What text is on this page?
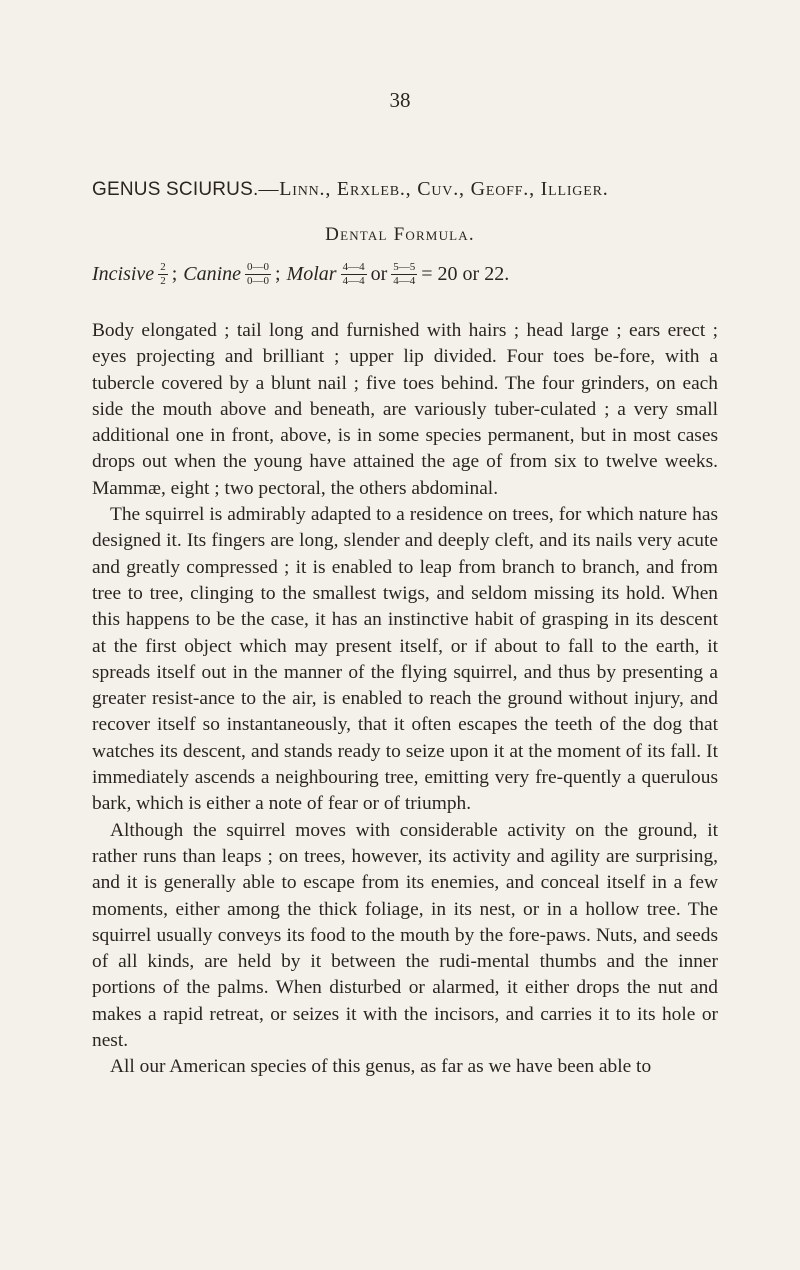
38
GENUS SCIURUS.—Linn., Erxleb., Cuv., Geoff., Illiger.
Dental Formula.
Incisive $\frac{2}{2}$ ; Canine $\frac{0—0}{0—0}$ ; Molar $\frac{4—4}{4—4}$ or $\frac{5—5}{4—4} = 20$ or 22.

Body elongated ; tail long and furnished with hairs ; head large ; ears erect ; eyes projecting and brilliant ; upper lip divided. Four toes be-fore, with a tubercle covered by a blunt nail ; five toes behind. The four grinders, on each side the mouth above and beneath, are variously tuber-culated ; a very small additional one in front, above, is in some species permanent, but in most cases drops out when the young have attained the age of from six to twelve weeks. Mammæ, eight ; two pectoral, the others abdominal.

The squirrel is admirably adapted to a residence on trees, for which nature has designed it. Its fingers are long, slender and deeply cleft, and its nails very acute and greatly compressed ; it is enabled to leap from branch to branch, and from tree to tree, clinging to the smallest twigs, and seldom missing its hold. When this happens to be the case, it has an instinctive habit of grasping in its descent at the first object which may present itself, or if about to fall to the earth, it spreads itself out in the manner of the flying squirrel, and thus by presenting a greater resist-ance to the air, is enabled to reach the ground without injury, and recover itself so instantaneously, that it often escapes the teeth of the dog that watches its descent, and stands ready to seize upon it at the moment of its fall. It immediately ascends a neighbouring tree, emitting very fre-quently a querulous bark, which is either a note of fear or of triumph.

Although the squirrel moves with considerable activity on the ground, it rather runs than leaps ; on trees, however, its activity and agility are surprising, and it is generally able to escape from its enemies, and conceal itself in a few moments, either among the thick foliage, in its nest, or in a hollow tree. The squirrel usually conveys its food to the mouth by the fore-paws. Nuts, and seeds of all kinds, are held by it between the rudi-mental thumbs and the inner portions of the palms. When disturbed or alarmed, it either drops the nut and makes a rapid retreat, or seizes it with the incisors, and carries it to its hole or nest.

All our American species of this genus, as far as we have been able to
